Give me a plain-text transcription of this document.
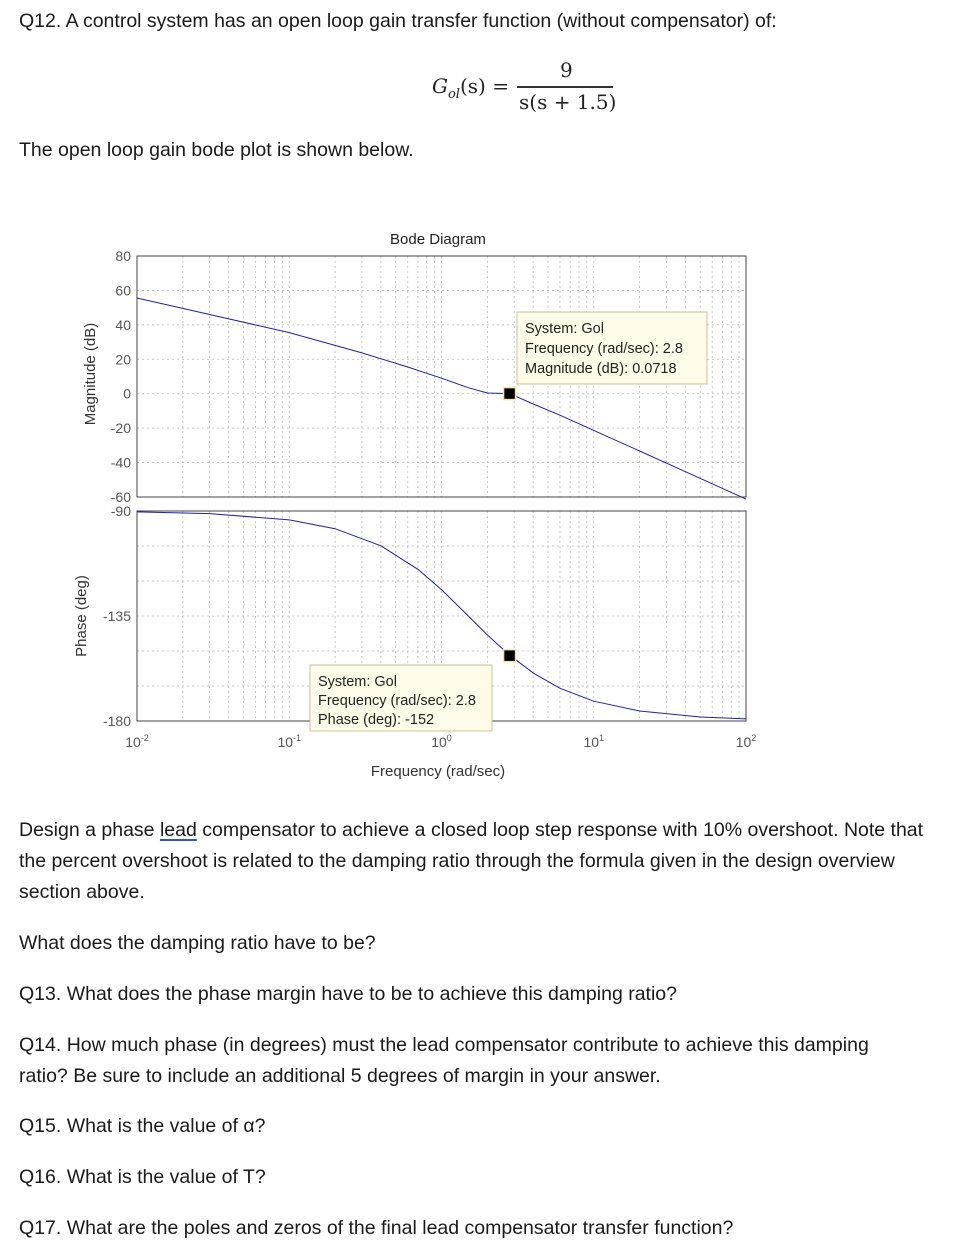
Q12. A control system has an open loop gain transfer function (without compensator) of:

$G_{ol}(s)$ =
9
s(s + 1.5)

The open loop gain bode plot is shown below.

Bode Diagram
Magnitude (dB)
Phase (deg)
Frequency (rad/sec)
80
60
40
20
0
-20
-40
-60
-90
-135
-180
$10^{-2}$	$10^{-1}$	$10^0$	$10^1$	$10^2$
System: Gol
Frequency (rad/sec): 2.8
Magnitude (dB): 0.0718
System: Gol
Frequency (rad/sec): 2.8
Phase (deg): -152

Design a phase lead compensator to achieve a closed loop step response with 10% overshoot. Note that
the percent overshoot is related to the damping ratio through the formula given in the design overview
section above.

What does the damping ratio have to be?

Q13. What does the phase margin have to be to achieve this damping ratio?

Q14. How much phase (in degrees) must the lead compensator contribute to achieve this damping
ratio? Be sure to include an additional 5 degrees of margin in your answer.

Q15. What is the value of α?

Q16. What is the value of T?

Q17. What are the poles and zeros of the final lead compensator transfer function?
